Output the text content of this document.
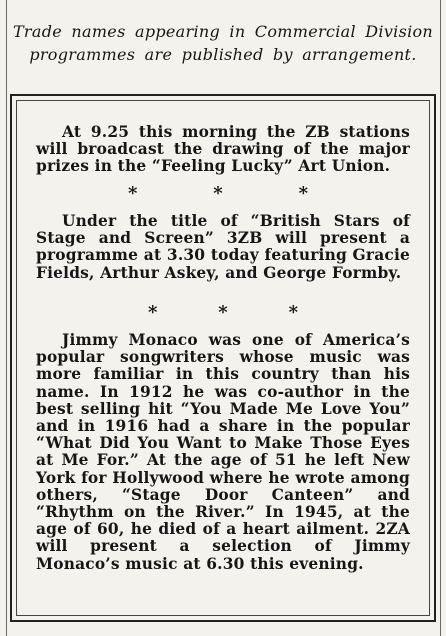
Trade names appearing in Commercial Division programmes are published by arrangement.
At 9.25 this morning the ZB stations will broadcast the drawing of the major prizes in the “Feeling Lucky” Art Union.
*	*	*
Under the title of “British Stars of Stage and Screen” 3ZB will present a programme at 3.30 today featuring Gracie Fields, Arthur Askey, and George Formby.
*	*	*
Jimmy Monaco was one of America’s popular songwriters whose music was more familiar in this country than his name. In 1912 he was co-author in the best selling hit “You Made Me Love You” and in 1916 had a share in the popular “What Did You Want to Make Those Eyes at Me For.” At the age of 51 he left New York for Hollywood where he wrote among others, “Stage Door Canteen” and “Rhythm on the River.” In 1945, at the age of 60, he died of a heart ailment. 2ZA will present a selection of Jimmy Monaco’s music at 6.30 this evening.
